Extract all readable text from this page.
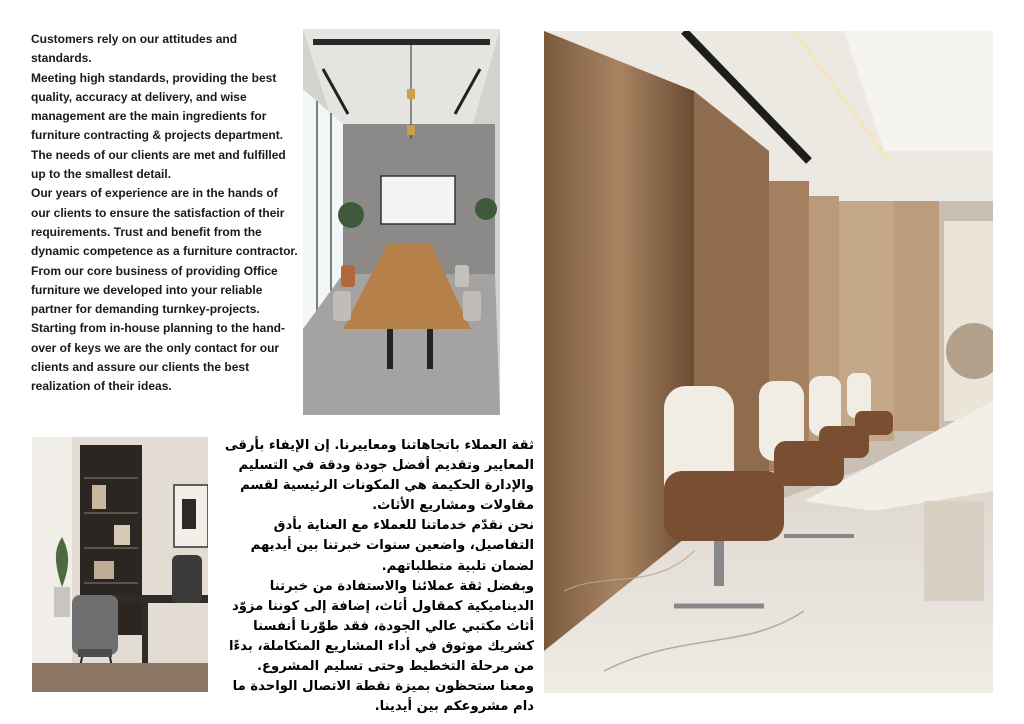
Customers rely on our attitudes and standards.

Meeting high standards, providing the best quality, accuracy at delivery, and wise management are the main ingredients for furniture contracting & projects department. The needs of our clients are met and fulfilled up to the smallest detail.

Our years of experience are in the hands of our clients to ensure the satisfaction of their requirements. Trust and benefit from the dynamic competence as a furniture contractor. From our core business of providing Office furniture we developed into your reliable partner for demanding turnkey-projects. Starting from in-house planning to the hand-over of keys we are the only contact for our clients and assure our clients the best realization of their ideas.

ثقة العملاء باتجاهاتنا ومعاييرنا. إن الإيفاء بأرقى المعايير وتقديم أفضل جودة ودقة في التسليم والإدارة الحكيمة هي المكونات الرئيسية لقسم مقاولات ومشاريع الأثاث.

نحن نقدّم خدماتنا للعملاء مع العناية بأدق التفاصيل، واضعين سنوات خبرتنا بين أيديهم لضمان تلبية متطلباتهم.

وبفضل ثقة عملائنا والاستفادة من خبرتنا الديناميكية كمقاول أثاث، إضافة إلى كوننا مزوّد أثاث مكتبي عالي الجودة، فقد طوّرنا أنفسنا كشريك موثوق في أداء المشاريع المتكاملة، بدءًا من مرحلة التخطيط وحتى تسليم المشروع.

ومعنا ستحظون بميزة نقطة الاتصال الواحدة ما دام مشروعكم بين أيدينا.
